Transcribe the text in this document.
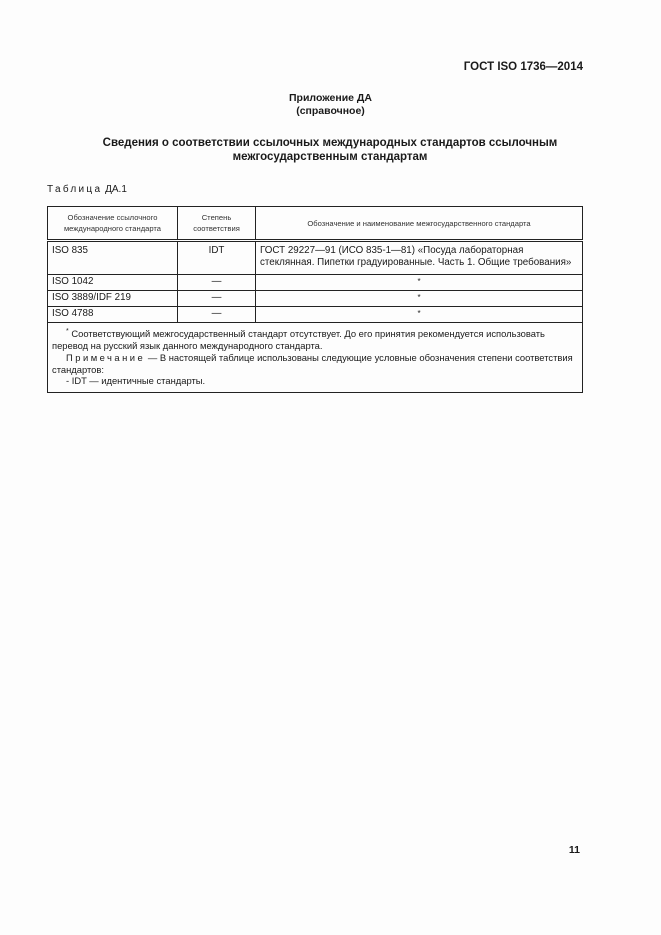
ГОСТ ISO 1736—2014
Приложение ДА
(справочное)
Сведения о соответствии ссылочных международных стандартов ссылочным
межгосударственным стандартам
Таблица ДА.1
Обозначение ссылочного международного стандарта	Степень соответствия	Обозначение и наименование межгосударственного стандарта
ISO 835	IDT	ГОСТ 29227—91 (ИСО 835-1—81) «Посуда лабораторная стеклянная. Пипетки градуированные. Часть 1. Общие требования»
ISO 1042	—	*
ISO 3889/IDF 219	—	*
ISO 4788	—	*

* Соответствующий межгосударственный стандарт отсутствует. До его принятия рекомендуется использовать перевод на русский язык данного международного стандарта.
Примечание — В настоящей таблице использованы следующие условные обозначения степени соответствия стандартов:
- IDT — идентичные стандарты.		
11
